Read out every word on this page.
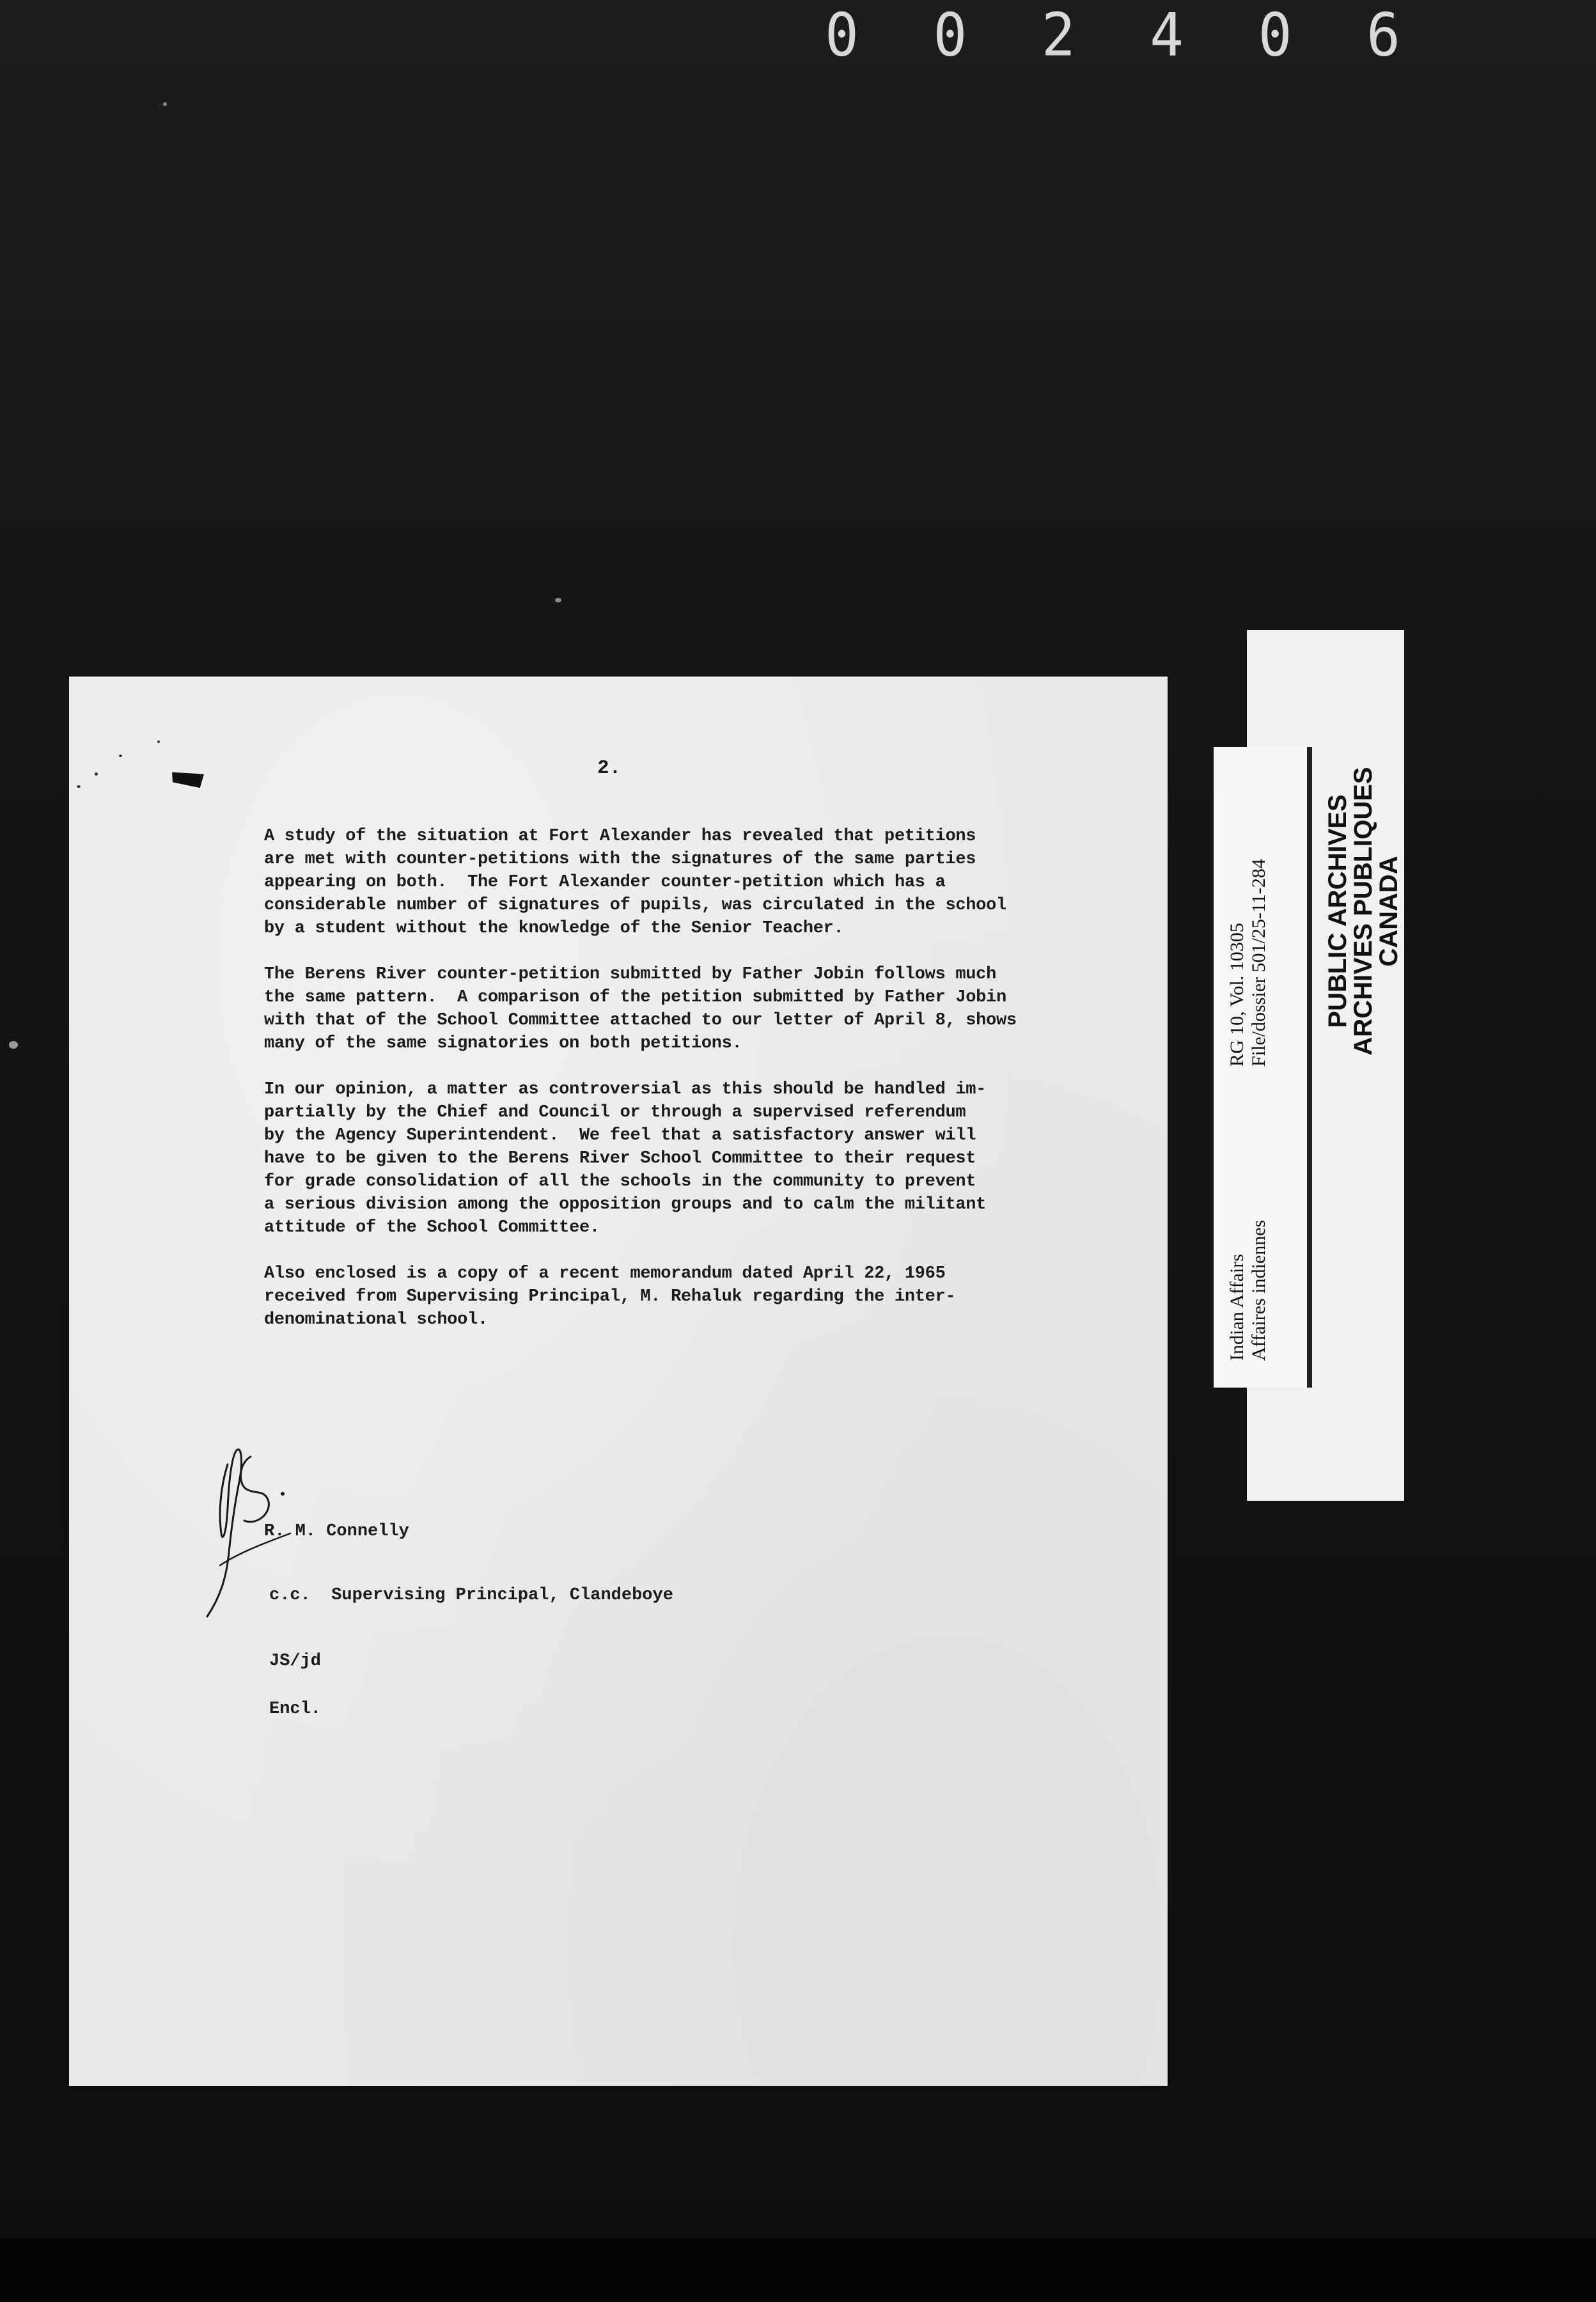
0 0 2 4 0 6
2.

A study of the situation at Fort Alexander has revealed that petitions
are met with counter-petitions with the signatures of the same parties
appearing on both.  The Fort Alexander counter-petition which has a
considerable number of signatures of pupils, was circulated in the school
by a student without the knowledge of the Senior Teacher.

The Berens River counter-petition submitted by Father Jobin follows much
the same pattern.  A comparison of the petition submitted by Father Jobin
with that of the School Committee attached to our letter of April 8, shows
many of the same signatories on both petitions.

In our opinion, a matter as controversial as this should be handled im-
partially by the Chief and Council or through a supervised referendum
by the Agency Superintendent.  We feel that a satisfactory answer will
have to be given to the Berens River School Committee to their request
for grade consolidation of all the schools in the community to prevent
a serious division among the opposition groups and to calm the militant
attitude of the School Committee.

Also enclosed is a copy of a recent memorandum dated April 22, 1965
received from Supervising Principal, M. Rehaluk regarding the inter-
denominational school.

R. M. Connelly
c.c.  Supervising Principal, Clandeboye
JS/jd
Encl.
PUBLIC ARCHIVES
ARCHIVES PUBLIQUES
CANADA
Indian Affairs Affaires indiennes
RG 10, Vol. 10305 File/dossier 501/25-11-284
